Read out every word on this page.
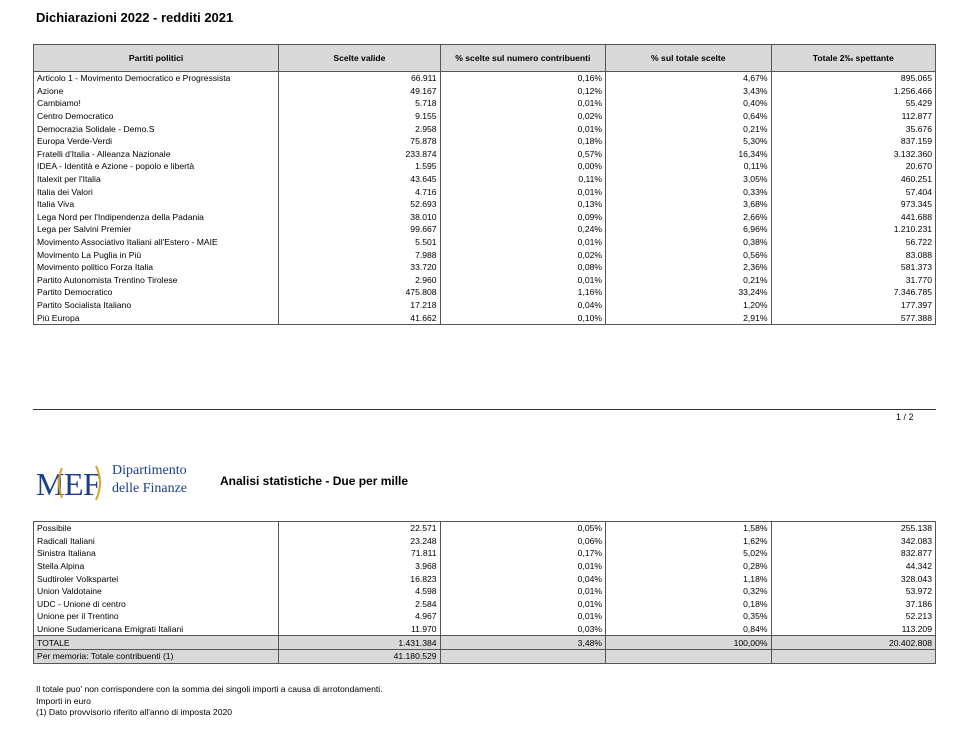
Dichiarazioni 2022 - redditi 2021
Partiti politici	Scelte valide	% scelte sul numero contribuenti	% sul totale scelte	Totale 2‰ spettante
Articolo 1 - Movimento Democratico e Progressista	66.911	0,16%	4,67%	895.065
Azione	49.167	0,12%	3,43%	1.256.466
Cambiamo!	5.718	0,01%	0,40%	55.429
Centro Democratico	9.155	0,02%	0,64%	112.877
Democrazia Solidale - Demo.S	2.958	0,01%	0,21%	35.676
Europa Verde-Verdi	75.878	0,18%	5,30%	837.159
Fratelli d'Italia - Alleanza Nazionale	233.874	0,57%	16,34%	3.132.360
IDEA - Identità e Azione - popolo e libertà	1.595	0,00%	0,11%	20.670
Italexit per l'Italia	43.645	0,11%	3,05%	460.251
Italia dei Valori	4.716	0,01%	0,33%	57.404
Italia Viva	52.693	0,13%	3,68%	973.345
Lega Nord per l'Indipendenza della Padania	38.010	0,09%	2,66%	441.688
Lega per Salvini Premier	99.667	0,24%	6,96%	1.210.231
Movimento Associativo Italiani all'Estero - MAIE	5.501	0,01%	0,38%	56.722
Movimento La Puglia in Più	7.988	0,02%	0,56%	83.088
Movimento politico Forza Italia	33.720	0,08%	2,36%	581.373
Partito Autonomista Trentino Tirolese	2.960	0,01%	0,21%	31.770
Partito Democratico	475.808	1,16%	33,24%	7.346.785
Partito Socialista Italiano	17.218	0,04%	1,20%	177.397
Più Europa	41.662	0,10%	2,91%	577.388
1 / 2
M E F Dipartimento
delle Finanze	Analisi statistiche - Due per mille
Possibile	22.571	0,05%	1,58%	255.138
Radicali Italiani	23.248	0,06%	1,62%	342.083
Sinistra Italiana	71.811	0,17%	5,02%	832.877
Stella Alpina	3.968	0,01%	0,28%	44.342
Sudtiroler Volkspartei	16.823	0,04%	1,18%	328.043
Union Valdotaine	4.598	0,01%	0,32%	53.972
UDC - Unione di centro	2.584	0,01%	0,18%	37.186
Unione per il Trentino	4.967	0,01%	0,35%	52.213
Unione Sudamericana Emigrati Italiani	11.970	0,03%	0,84%	113.209
TOTALE	1.431.384	3,48%	100,00%	20.402.808
Per memoria: Totale contribuenti (1)	41.180.529			
Il totale puo' non corrispondere con la somma dei singoli importi a causa di arrotondamenti.
Importi in euro
(1) Dato provvisorio riferito all'anno di imposta 2020
